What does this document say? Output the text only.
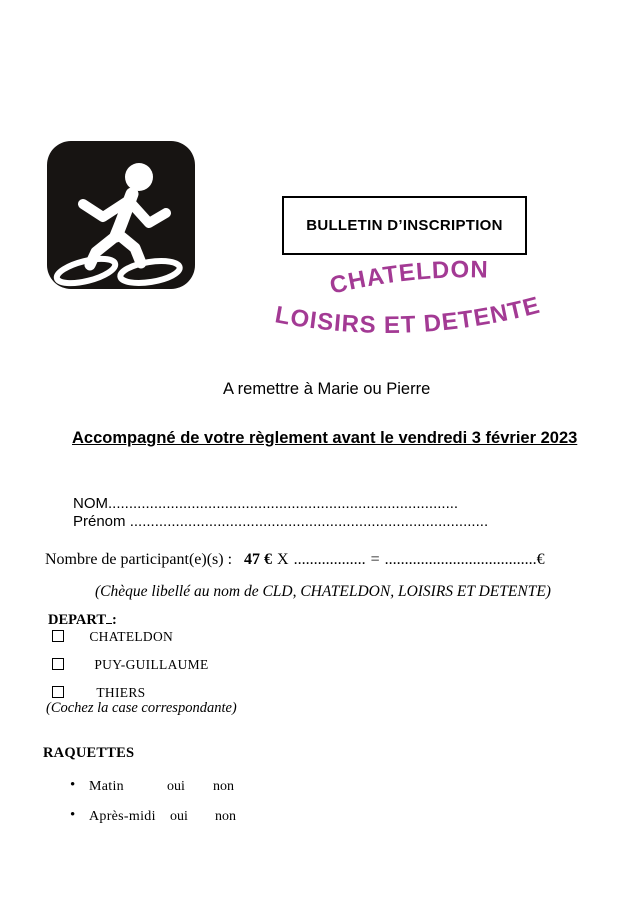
BULLETIN D’INSCRIPTION
CHATELDON
LOISIRS ET DETENTE
A remettre à Marie ou Pierre
Accompagné de votre règlement avant le vendredi 3 février 2023
NOM....................................................................................
Prénom ......................................................................................
Nombre de participant(e)(s) : 47 € X .................. = ......................................€
(Chèque libellé au nom de CLD, CHATELDON, LOISIRS ET DETENTE)
DEPART :
CHATELDON
PUY-GUILLAUME
THIERS
(Cochez la case correspondante)
RAQUETTES
• Matin	oui non
• Après-midi oui non
